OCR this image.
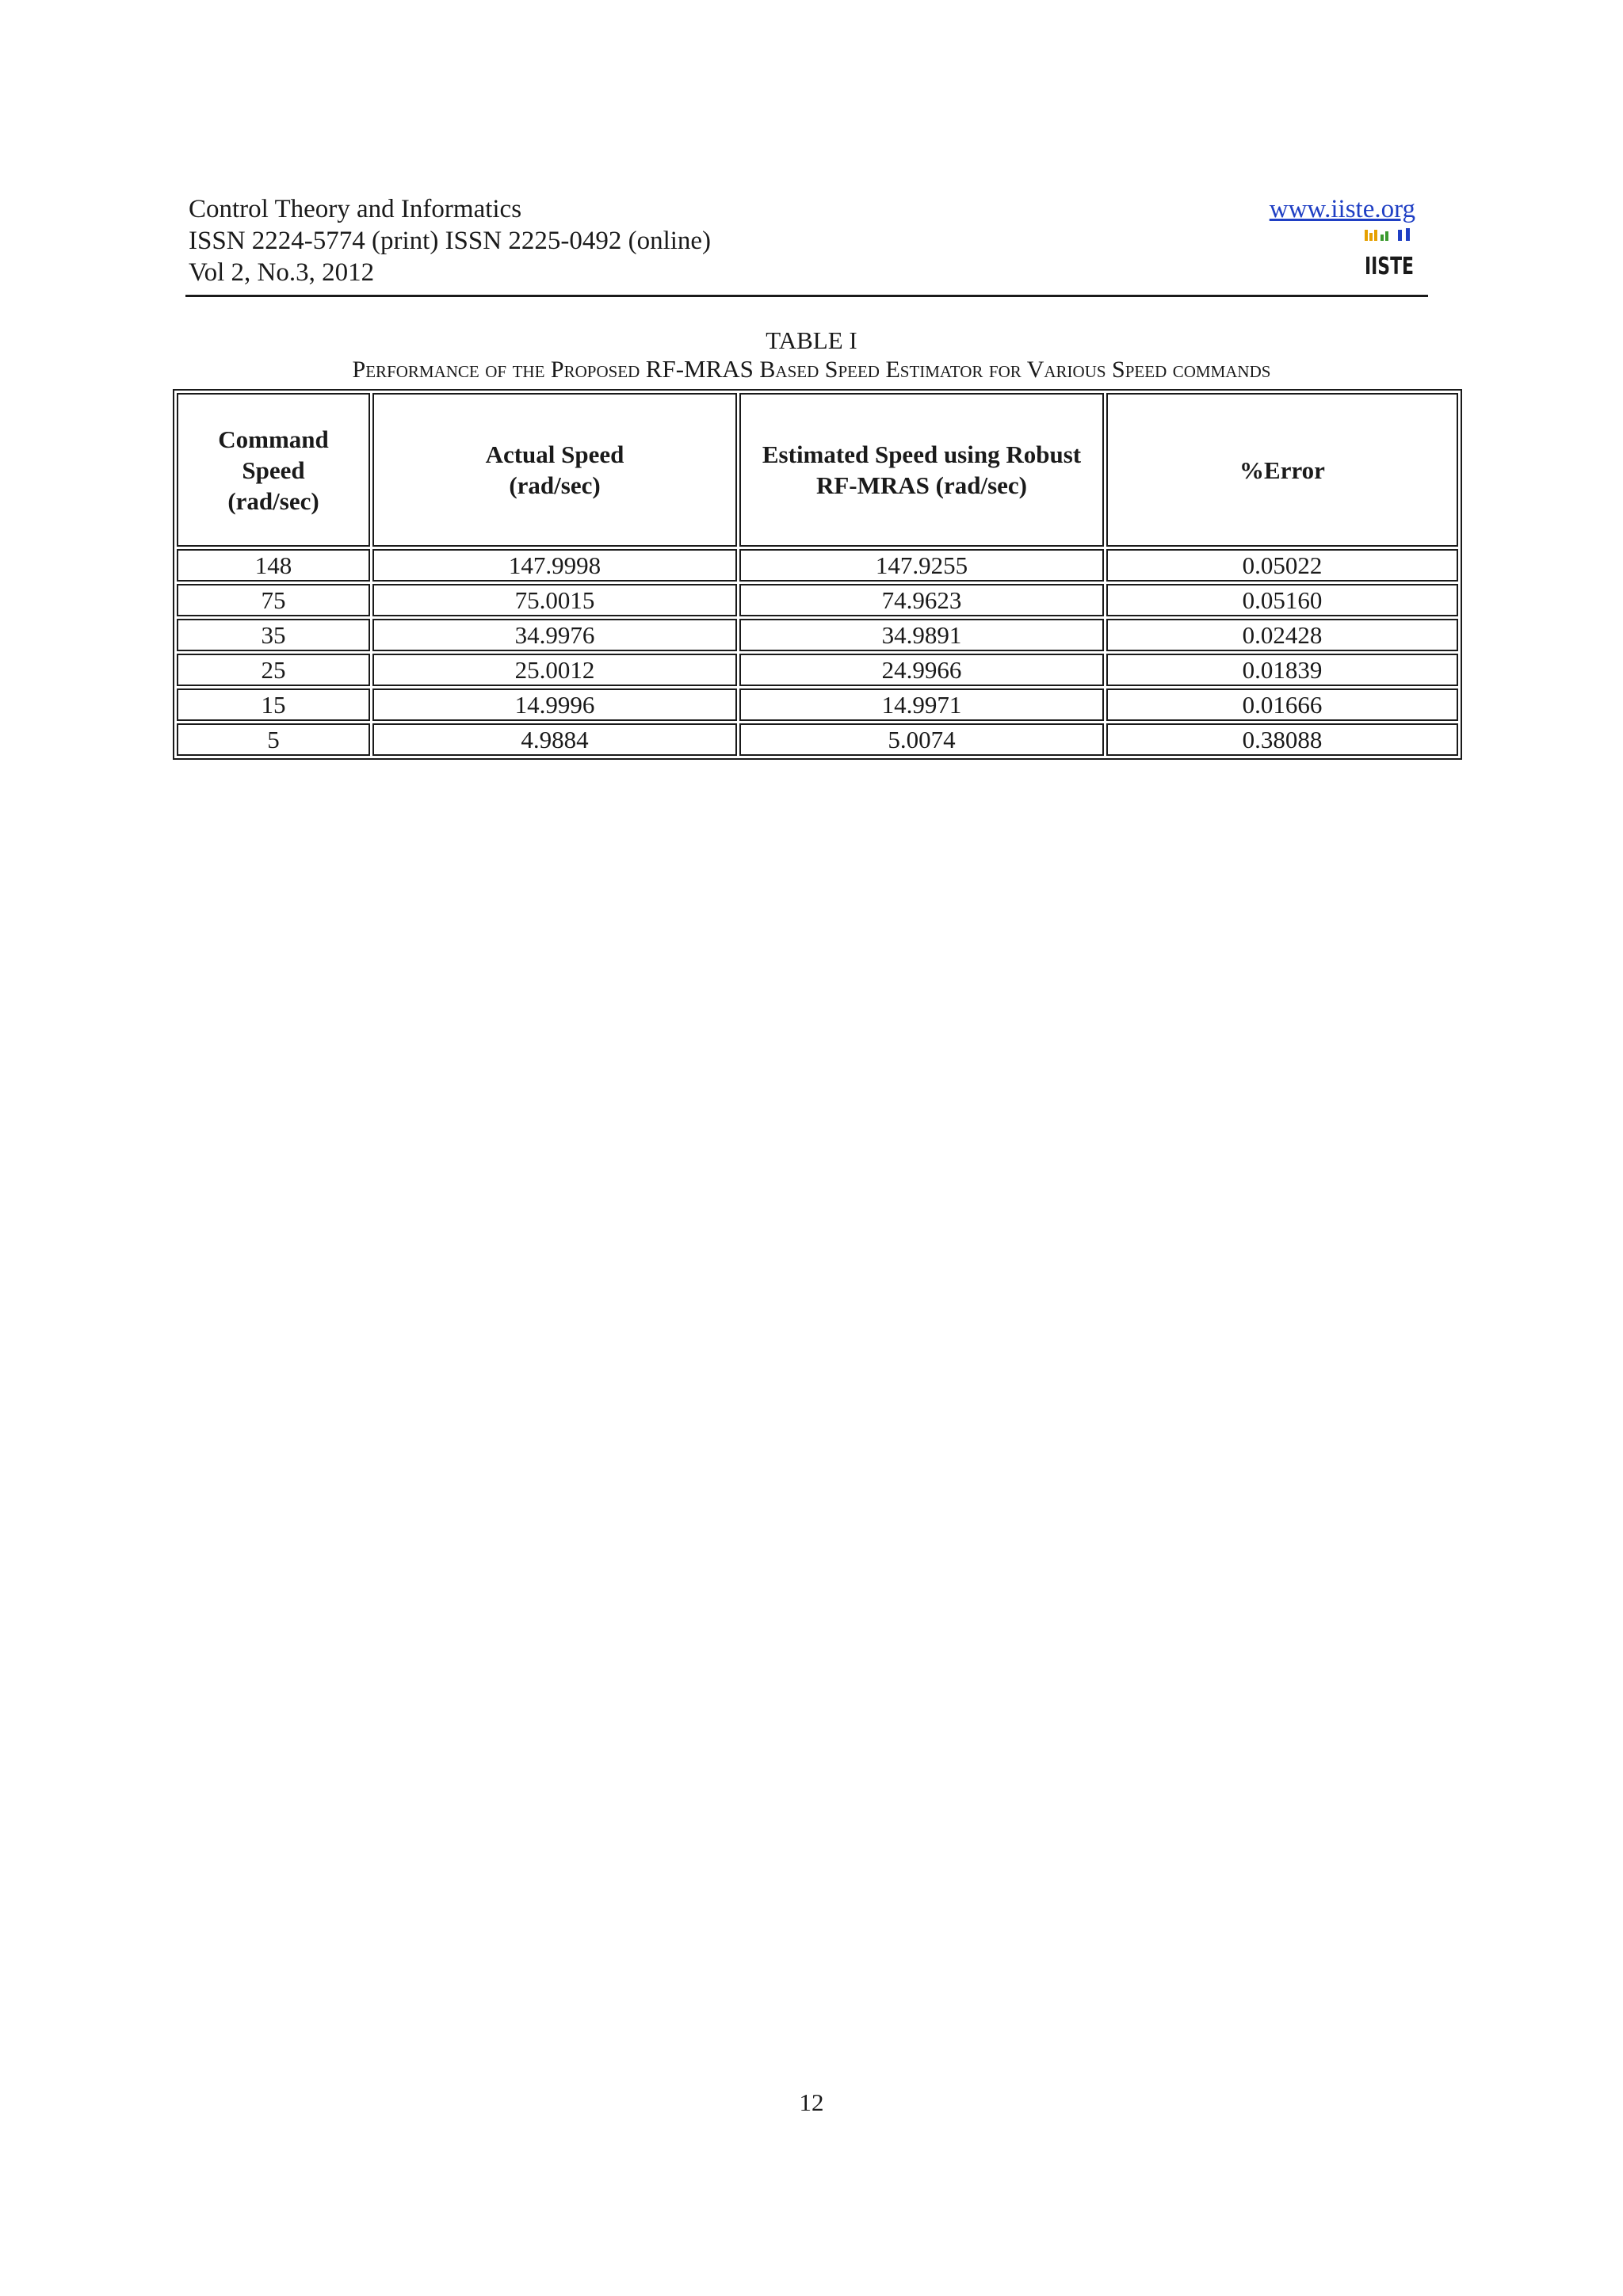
Control Theory and Informatics
ISSN 2224-5774 (print) ISSN 2225-0492 (online)
Vol 2, No.3, 2012
www.iiste.org
IISTE
TABLE I
Performance of the Proposed RF-MRAS Based Speed Estimator for Various Speed commands
Command Speed (rad/sec)	Actual Speed (rad/sec)	Estimated Speed using Robust RF-MRAS (rad/sec)	%Error
148	147.9998	147.9255	0.05022
75	75.0015	74.9623	0.05160
35	34.9976	34.9891	0.02428
25	25.0012	24.9966	0.01839
15	14.9996	14.9971	0.01666
5	4.9884	5.0074	0.38088
12
